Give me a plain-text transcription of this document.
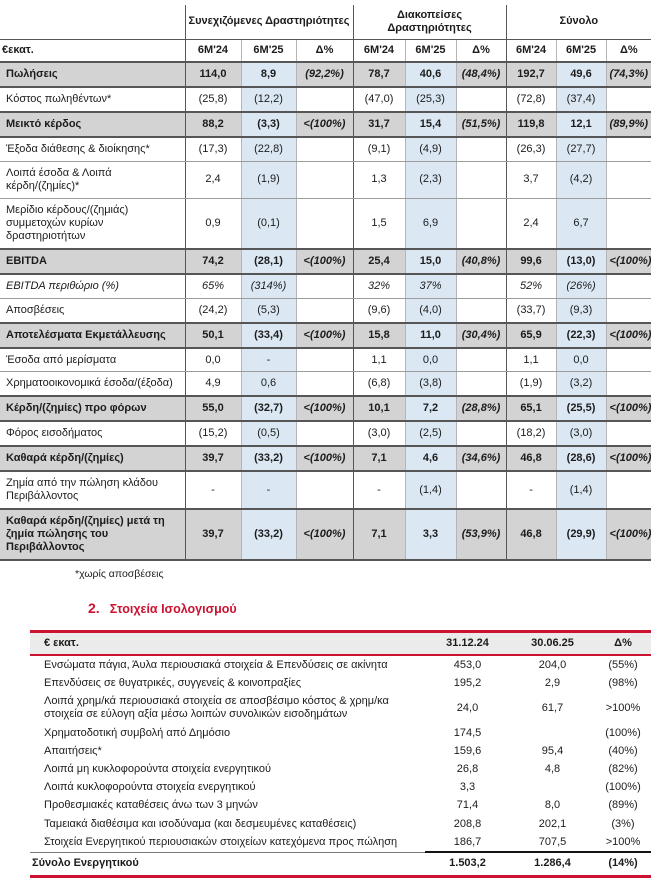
	Συνεχιζόμενες Δραστηριότητες			Διακοπείσες Δραστηριότητες			Σύνολο		
€εκατ.	6M'24	6M'25	Δ%	6M'24	6M'25	Δ%	6M'24	6M'25	Δ%
Πωλήσεις	114,0	8,9	(92,2%)	78,7	40,6	(48,4%)	192,7	49,6	(74,3%)
Κόστος πωληθέντων*	(25,8)	(12,2)		(47,0)	(25,3)		(72,8)	(37,4)	
Μεικτό κέρδος	88,2	(3,3)	<(100%)	31,7	15,4	(51,5%)	119,8	12,1	(89,9%)
Έξοδα διάθεσης & διοίκησης*	(17,3)	(22,8)		(9,1)	(4,9)		(26,3)	(27,7)	
Λοιπά έσοδα & Λοιπά κέρδη/(ζημίες)*	2,4	(1,9)		1,3	(2,3)		3,7	(4,2)	
Μερίδιο κέρδους/(ζημιάς) συμμετοχών κυρίων δραστηριοτήτων	0,9	(0,1)		1,5	6,9		2,4	6,7	
EBITDA	74,2	(28,1)	<(100%)	25,4	15,0	(40,8%)	99,6	(13,0)	<(100%)
EBITDA περιθώριο (%)	65%	(314%)		32%	37%		52%	(26%)	
Αποσβέσεις	(24,2)	(5,3)		(9,6)	(4,0)		(33,7)	(9,3)	
Αποτελέσματα Εκμετάλλευσης	50,1	(33,4)	<(100%)	15,8	11,0	(30,4%)	65,9	(22,3)	<(100%)
Έσοδα από μερίσματα	0,0	-		1,1	0,0		1,1	0,0	
Χρηματοοικονομικά έσοδα/(έξοδα)	4,9	0,6		(6,8)	(3,8)		(1,9)	(3,2)	
Κέρδη/(ζημίες) προ φόρων	55,0	(32,7)	<(100%)	10,1	7,2	(28,8%)	65,1	(25,5)	<(100%)
Φόρος εισοδήματος	(15,2)	(0,5)		(3,0)	(2,5)		(18,2)	(3,0)	
Καθαρά κέρδη/(ζημίες)	39,7	(33,2)	<(100%)	7,1	4,6	(34,6%)	46,8	(28,6)	<(100%)
Ζημία από την πώληση κλάδου Περιβάλλοντος	-	-		-	(1,4)		-	(1,4)	
Καθαρά κέρδη/(ζημίες) μετά τη ζημία πώλησης του Περιβάλλοντος	39,7	(33,2)	<(100%)	7,1	3,3	(53,9%)	46,8	(29,9)	<(100%)
*χωρίς αποσβέσεις
2. Στοιχεία Ισολογισμού
€ εκατ.	31.12.24	30.06.25	Δ%
Ενσώματα πάγια, Άυλα περιουσιακά στοιχεία & Επενδύσεις σε ακίνητα	453,0	204,0	(55%)
Επενδύσεις σε θυγατρικές, συγγενείς & κοινοπραξίες	195,2	2,9	(98%)
Λοιπά χρημ/κά περιουσιακά στοιχεία σε αποσβέσιμο κόστος & χρημ/κα στοιχεία σε εύλογη αξία μέσω λοιπών συνολικών εισοδημάτων	24,0	61,7	>100%
Χρηματοδοτική συμβολή από Δημόσιο	174,5		(100%)
Απαιτήσεις*	159,6	95,4	(40%)
Λοιπά μη κυκλοφορούντα στοιχεία ενεργητικού	26,8	4,8	(82%)
Λοιπά κυκλοφορούντα στοιχεία ενεργητικού	3,3		(100%)
Προθεσμιακές καταθέσεις άνω των 3 μηνών	71,4	8,0	(89%)
Ταμειακά διαθέσιμα και ισοδύναμα (και δεσμευμένες καταθέσεις)	208,8	202,1	(3%)
Στοιχεία Ενεργητικού περιουσιακών στοιχείων κατεχόμενα προς πώληση	186,7	707,5	>100%
Σύνολο Ενεργητικού	1.503,2	1.286,4	(14%)
